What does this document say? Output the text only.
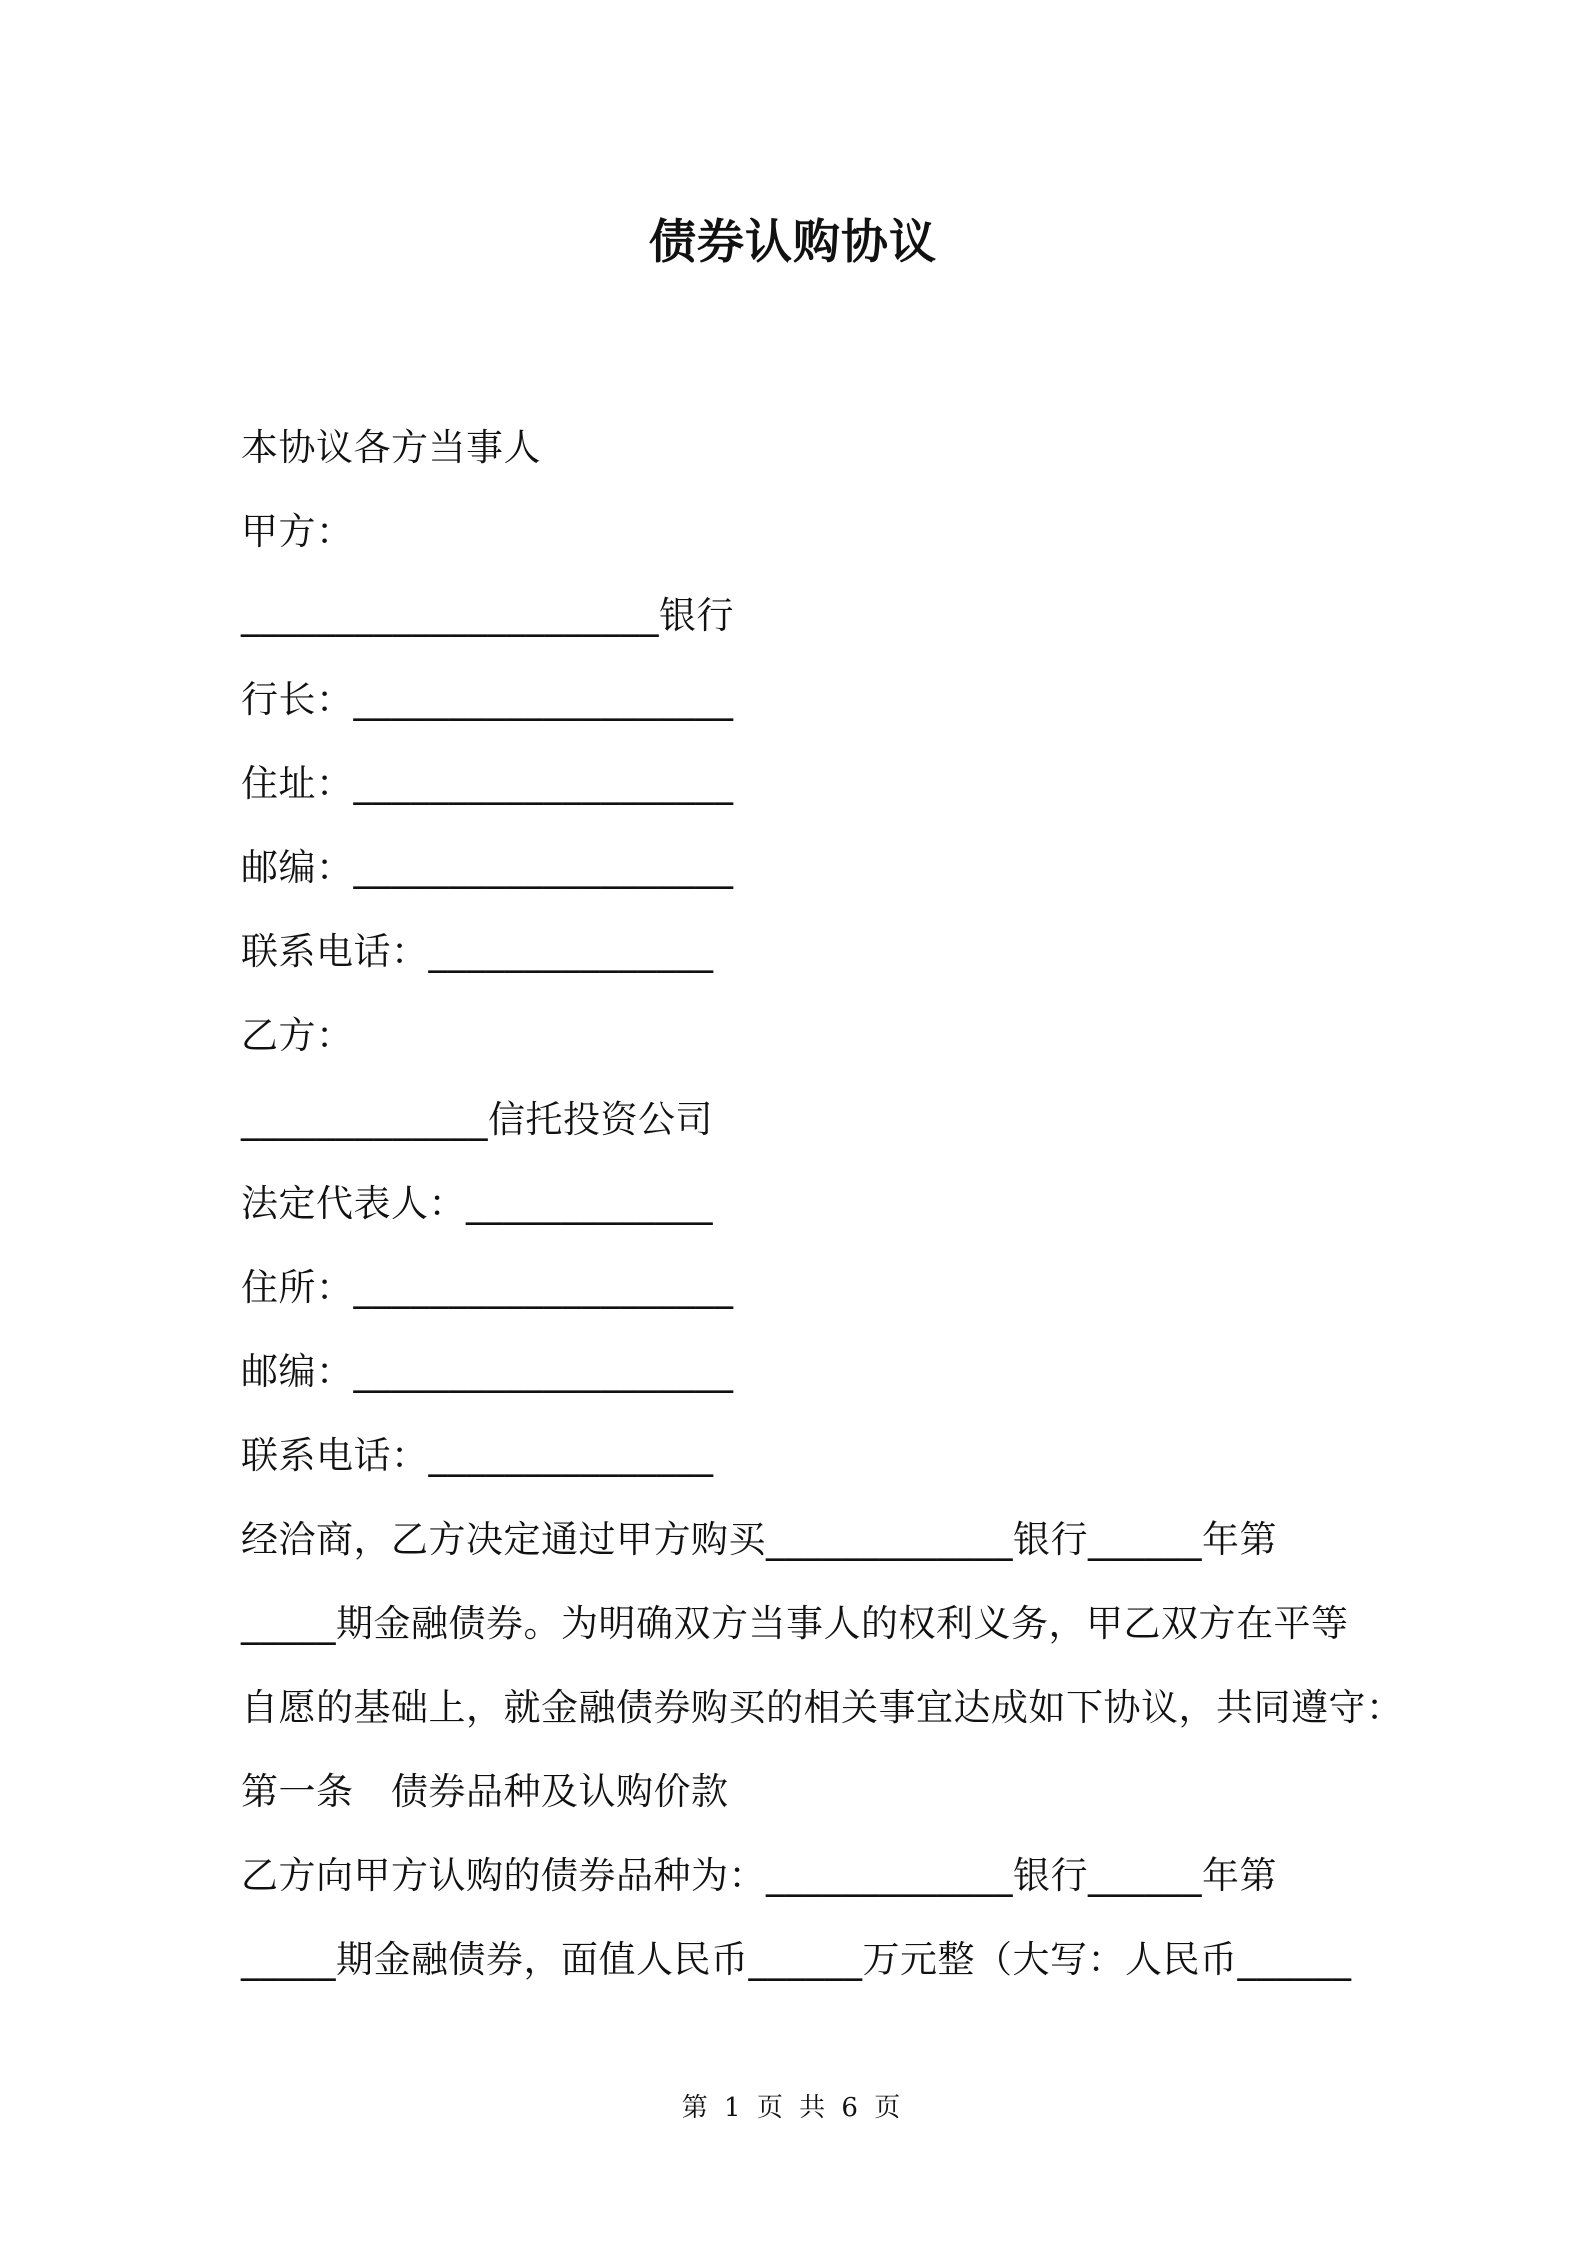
债券认购协议
本协议各方当事人
甲方：
______________________银行
行长：____________________
住址：____________________
邮编：____________________
联系电话：_______________
乙方：
_____________信托投资公司
法定代表人：_____________
住所：____________________
邮编：____________________
联系电话：_______________
经洽商，乙方决定通过甲方购买_____________银行______年第
_____期金融债券。为明确双方当事人的权利义务，甲乙双方在平等
自愿的基础上，就金融债券购买的相关事宜达成如下协议，共同遵守：
第一条　债券品种及认购价款
乙方向甲方认购的债券品种为：_____________银行______年第
_____期金融债券，面值人民币______万元整（大写：人民币______
第 1 页 共 6 页
